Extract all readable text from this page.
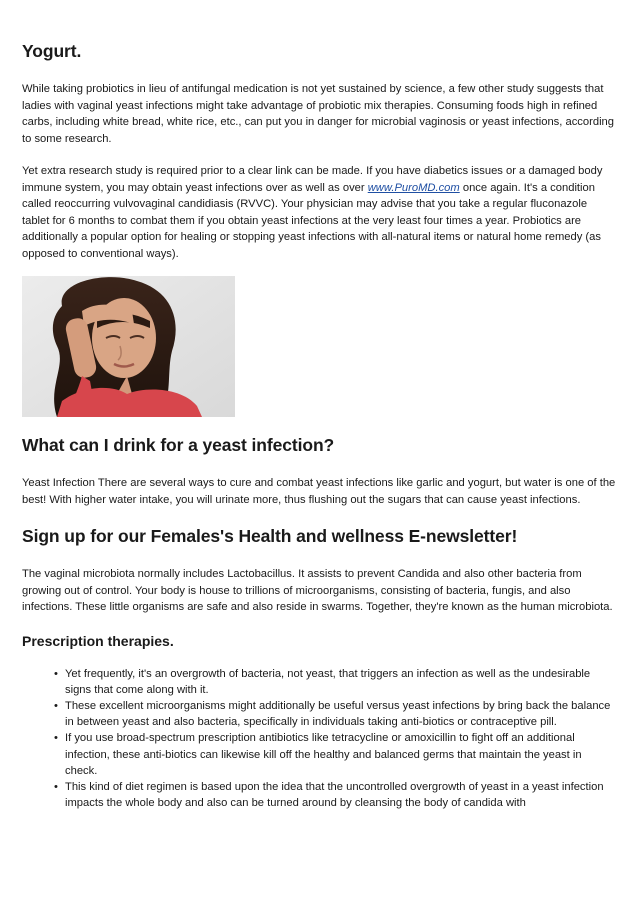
Yogurt.

While taking probiotics in lieu of antifungal medication is not yet sustained by science, a few other study suggests that ladies with vaginal yeast infections might take advantage of probiotic mix therapies. Consuming foods high in refined carbs, including white bread, white rice, etc., can put you in danger for microbial vaginosis or yeast infections, according to some research.

Yet extra research study is required prior to a clear link can be made. If you have diabetics issues or a damaged body immune system, you may obtain yeast infections over as well as over www.PuroMD.com once again. It's a condition called reoccurring vulvovaginal candidiasis (RVVC). Your physician may advise that you take a regular fluconazole tablet for 6 months to combat them if you obtain yeast infections at the very least four times a year. Probiotics are additionally a popular option for healing or stopping yeast infections with all-natural items or natural home remedy (as opposed to conventional ways).

What can I drink for a yeast infection?

Yeast Infection There are several ways to cure and combat yeast infections like garlic and yogurt, but water is one of the best! With higher water intake, you will urinate more, thus flushing out the sugars that can cause yeast infections.

Sign up for our Females's Health and wellness E-newsletter!

The vaginal microbiota normally includes Lactobacillus. It assists to prevent Candida and also other bacteria from growing out of control. Your body is house to trillions of microorganisms, consisting of bacteria, fungis, and also infections. These little organisms are safe and also reside in swarms. Together, they're known as the human microbiota.

Prescription therapies.
• Yet frequently, it's an overgrowth of bacteria, not yeast, that triggers an infection as well as the undesirable signs that come along with it.
• These excellent microorganisms might additionally be useful versus yeast infections by bring back the balance in between yeast and also bacteria, specifically in individuals taking anti-biotics or contraceptive pill.
• If you use broad-spectrum prescription antibiotics like tetracycline or amoxicillin to fight off an additional infection, these anti-biotics can likewise kill off the healthy and balanced germs that maintain the yeast in check.
• This kind of diet regimen is based upon the idea that the uncontrolled overgrowth of yeast in a yeast infection impacts the whole body and also can be turned around by cleansing the body of candida with
